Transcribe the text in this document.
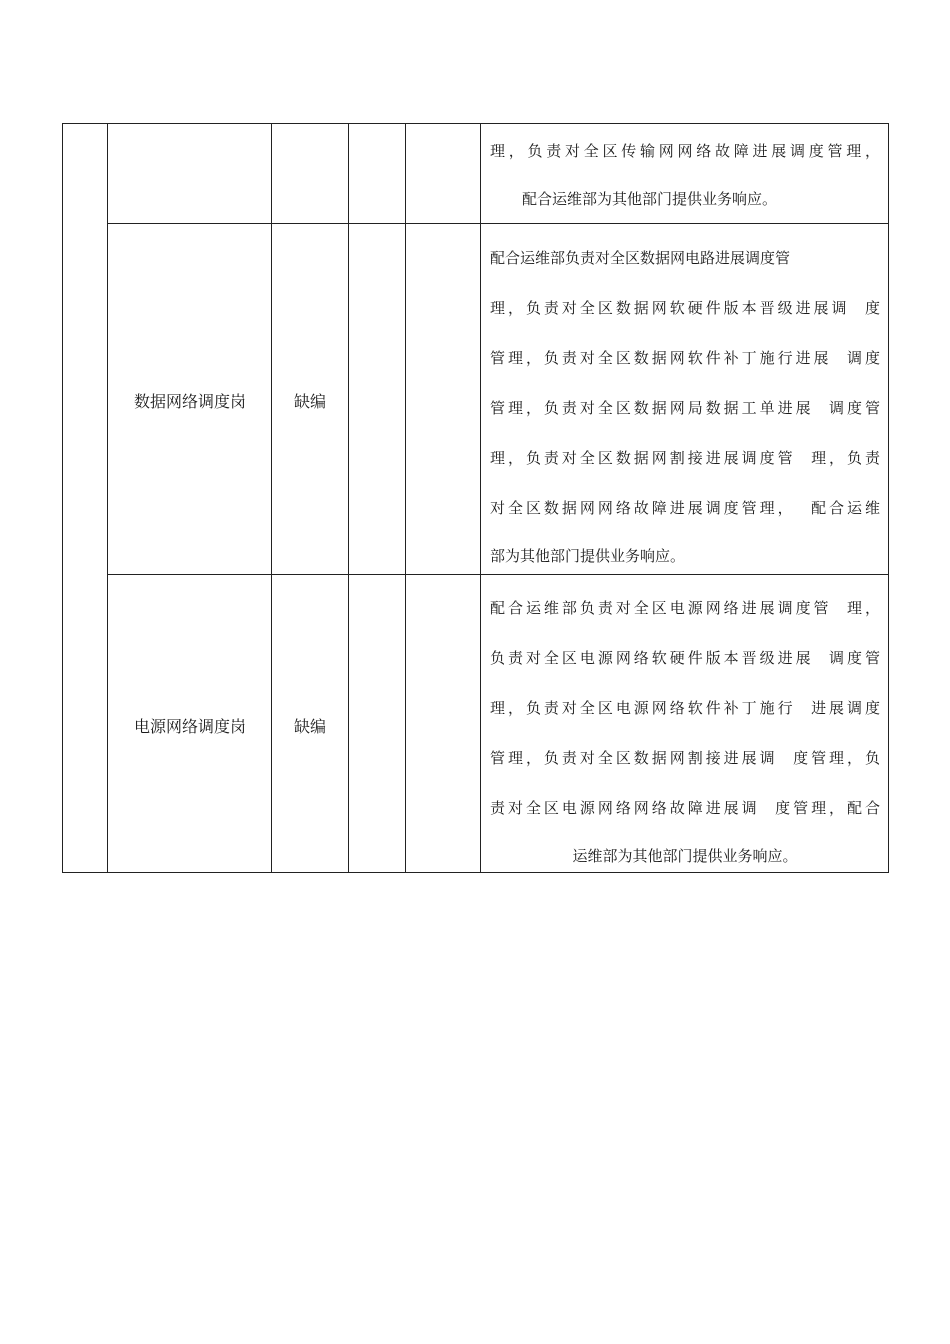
理，负责对全区传输网网络故障进展调度管理，
配合运维部为其他部门提供业务响应。
数据网络调度岗	缺编
配合运维部负责对全区数据网电路进展调度管
理，负责对全区数据网软硬件版本晋级进展调  度
管理，负责对全区数据网软件补丁施行进展  调度
管理，负责对全区数据网局数据工单进展  调度管
理，负责对全区数据网割接进展调度管  理，负责
对全区数据网网络故障进展调度管理，  配合运维
部为其他部门提供业务响应。
电源网络调度岗	缺编
配合运维部负责对全区电源网络进展调度管  理，
负责对全区电源网络软硬件版本晋级进展  调度管
理，负责对全区电源网络软件补丁施行  进展调度
管理，负责对全区数据网割接进展调  度管理，负
责对全区电源网络网络故障进展调  度管理，配合
运维部为其他部门提供业务响应。
